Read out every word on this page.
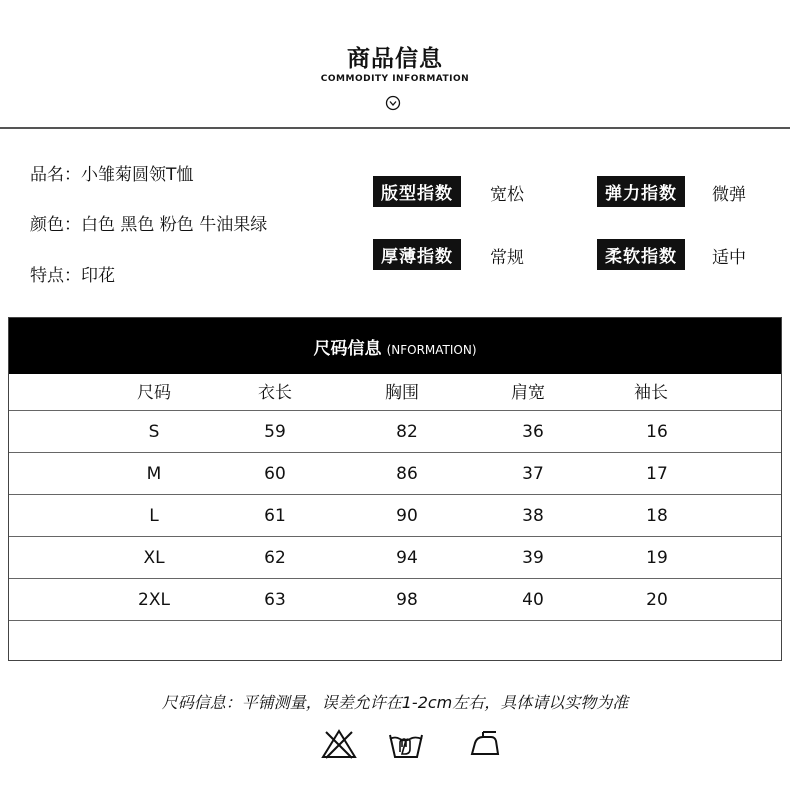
商品信息
COMMODITY INFORMATION
品名：小雏菊圆领T恤
颜色：白色 黑色 粉色 牛油果绿
特点：印花
版型指数	宽松	弹力指数	微弹
厚薄指数	常规	柔软指数	适中
尺码信息 (NFORMATION)
尺码	衣长	胸围	肩宽	袖长
S	59	82	36	16
M	60	86	37	17
L	61	90	38	18
XL	62	94	39	19
2XL	63	98	40	20
尺码信息：平铺测量，误差允许在1-2cm左右，具体请以实物为准
